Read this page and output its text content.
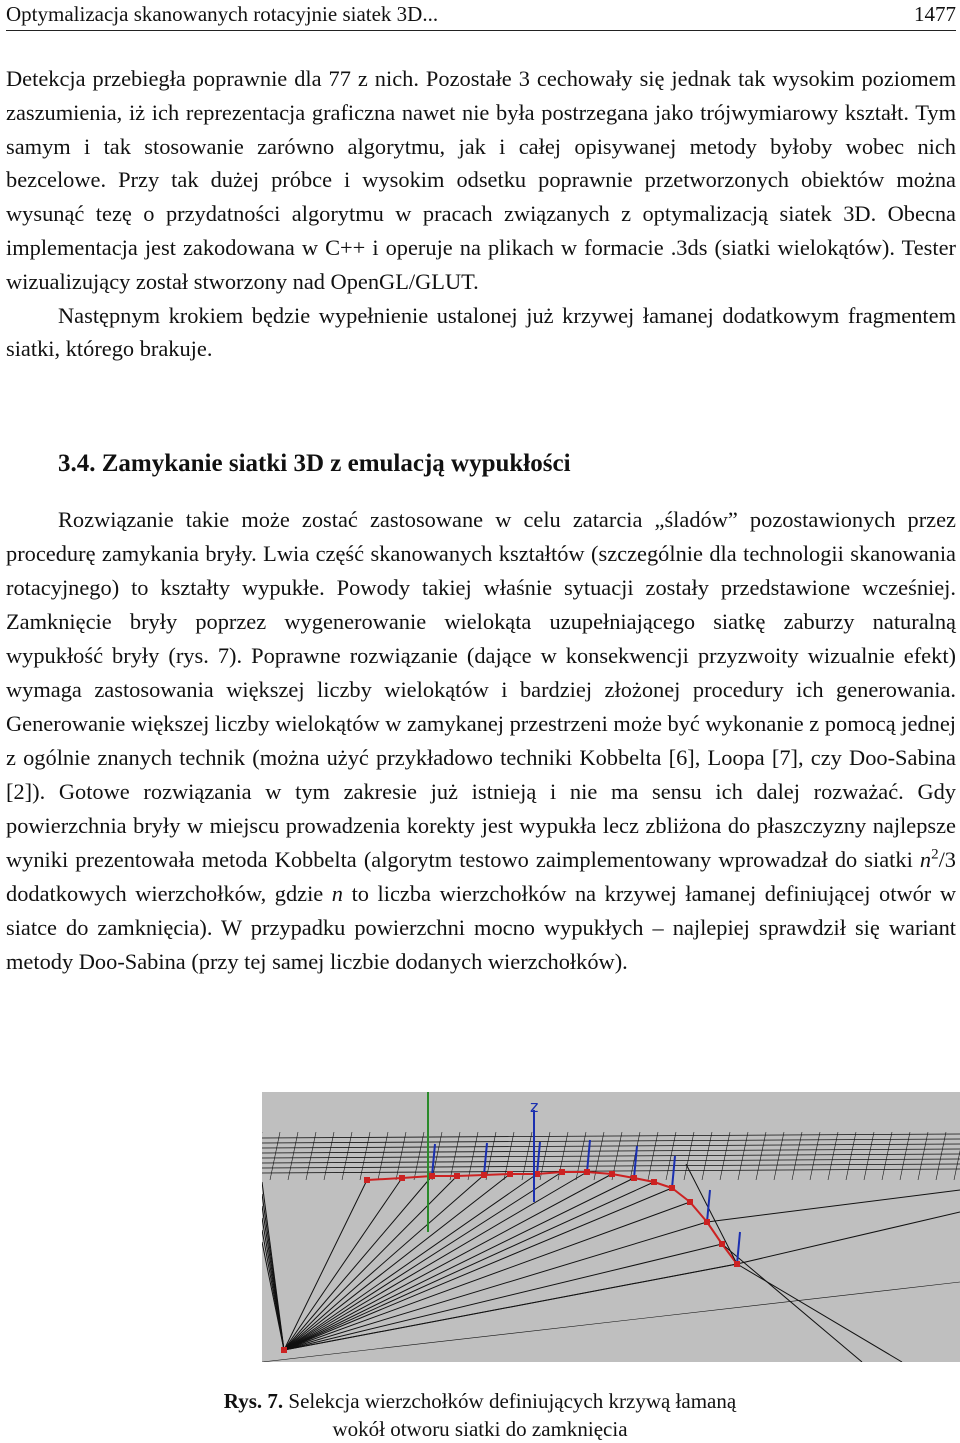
Optymalizacja skanowanych rotacyjnie siatek 3D...	1477

Detekcja przebiegła poprawnie dla 77 z nich. Pozostałe 3 cechowały się jednak tak wysokim poziomem zaszumienia, iż ich reprezentacja graficzna nawet nie była postrzegana jako trójwymiarowy kształt. Tym samym i tak stosowanie zarówno algorytmu, jak i całej opisywanej metody byłoby wobec nich bezcelowe. Przy tak dużej próbce i wysokim odsetku poprawnie przetworzonych obiektów można wysunąć tezę o przydatności algorytmu w pracach związanych z optymalizacją siatek 3D. Obecna implementacja jest zakodowana w C++ i operuje na plikach w formacie .3ds (siatki wielokątów). Tester wizualizujący został stworzony nad OpenGL/GLUT.

Następnym krokiem będzie wypełnienie ustalonej już krzywej łamanej dodatkowym fragmentem siatki, którego brakuje.

3.4. Zamykanie siatki 3D z emulacją wypukłości

Rozwiązanie takie może zostać zastosowane w celu zatarcia „śladów” pozostawionych przez procedurę zamykania bryły. Lwia część skanowanych kształtów (szczególnie dla technologii skanowania rotacyjnego) to kształty wypukłe. Powody takiej właśnie sytuacji zostały przedstawione wcześniej. Zamknięcie bryły poprzez wygenerowanie wielokąta uzupełniającego siatkę zaburzy naturalną wypukłość bryły (rys. 7). Poprawne rozwiązanie (dające w konsekwencji przyzwoity wizualnie efekt) wymaga zastosowania większej liczby wielokątów i bardziej złożonej procedury ich generowania. Generowanie większej liczby wielokątów w zamykanej przestrzeni może być wykonanie z pomocą jednej z ogólnie znanych technik (można użyć przykładowo techniki Kobbelta [6], Loopa [7], czy Doo-Sabina [2]). Gotowe rozwiązania w tym zakresie już istnieją i nie ma sensu ich dalej rozważać. Gdy powierzchnia bryły w miejscu prowadzenia korekty jest wypukła lecz zbliżona do płaszczyzny najlepsze wyniki prezentowała metoda Kobbelta (algorytm testowo zaimplementowany wprowadzał do siatki $n^2/3$ dodatkowych wierzchołków, gdzie n to liczba wierzchołków na krzywej łamanej definiującej otwór w siatce do zamknięcia). W przypadku powierzchni mocno wypukłych – najlepiej sprawdził się wariant metody Doo-Sabina (przy tej samej liczbie dodanych wierzchołków).

z
Rys. 7. Selekcja wierzchołków definiujących krzywą łamaną
wokół otworu siatki do zamknięcia
